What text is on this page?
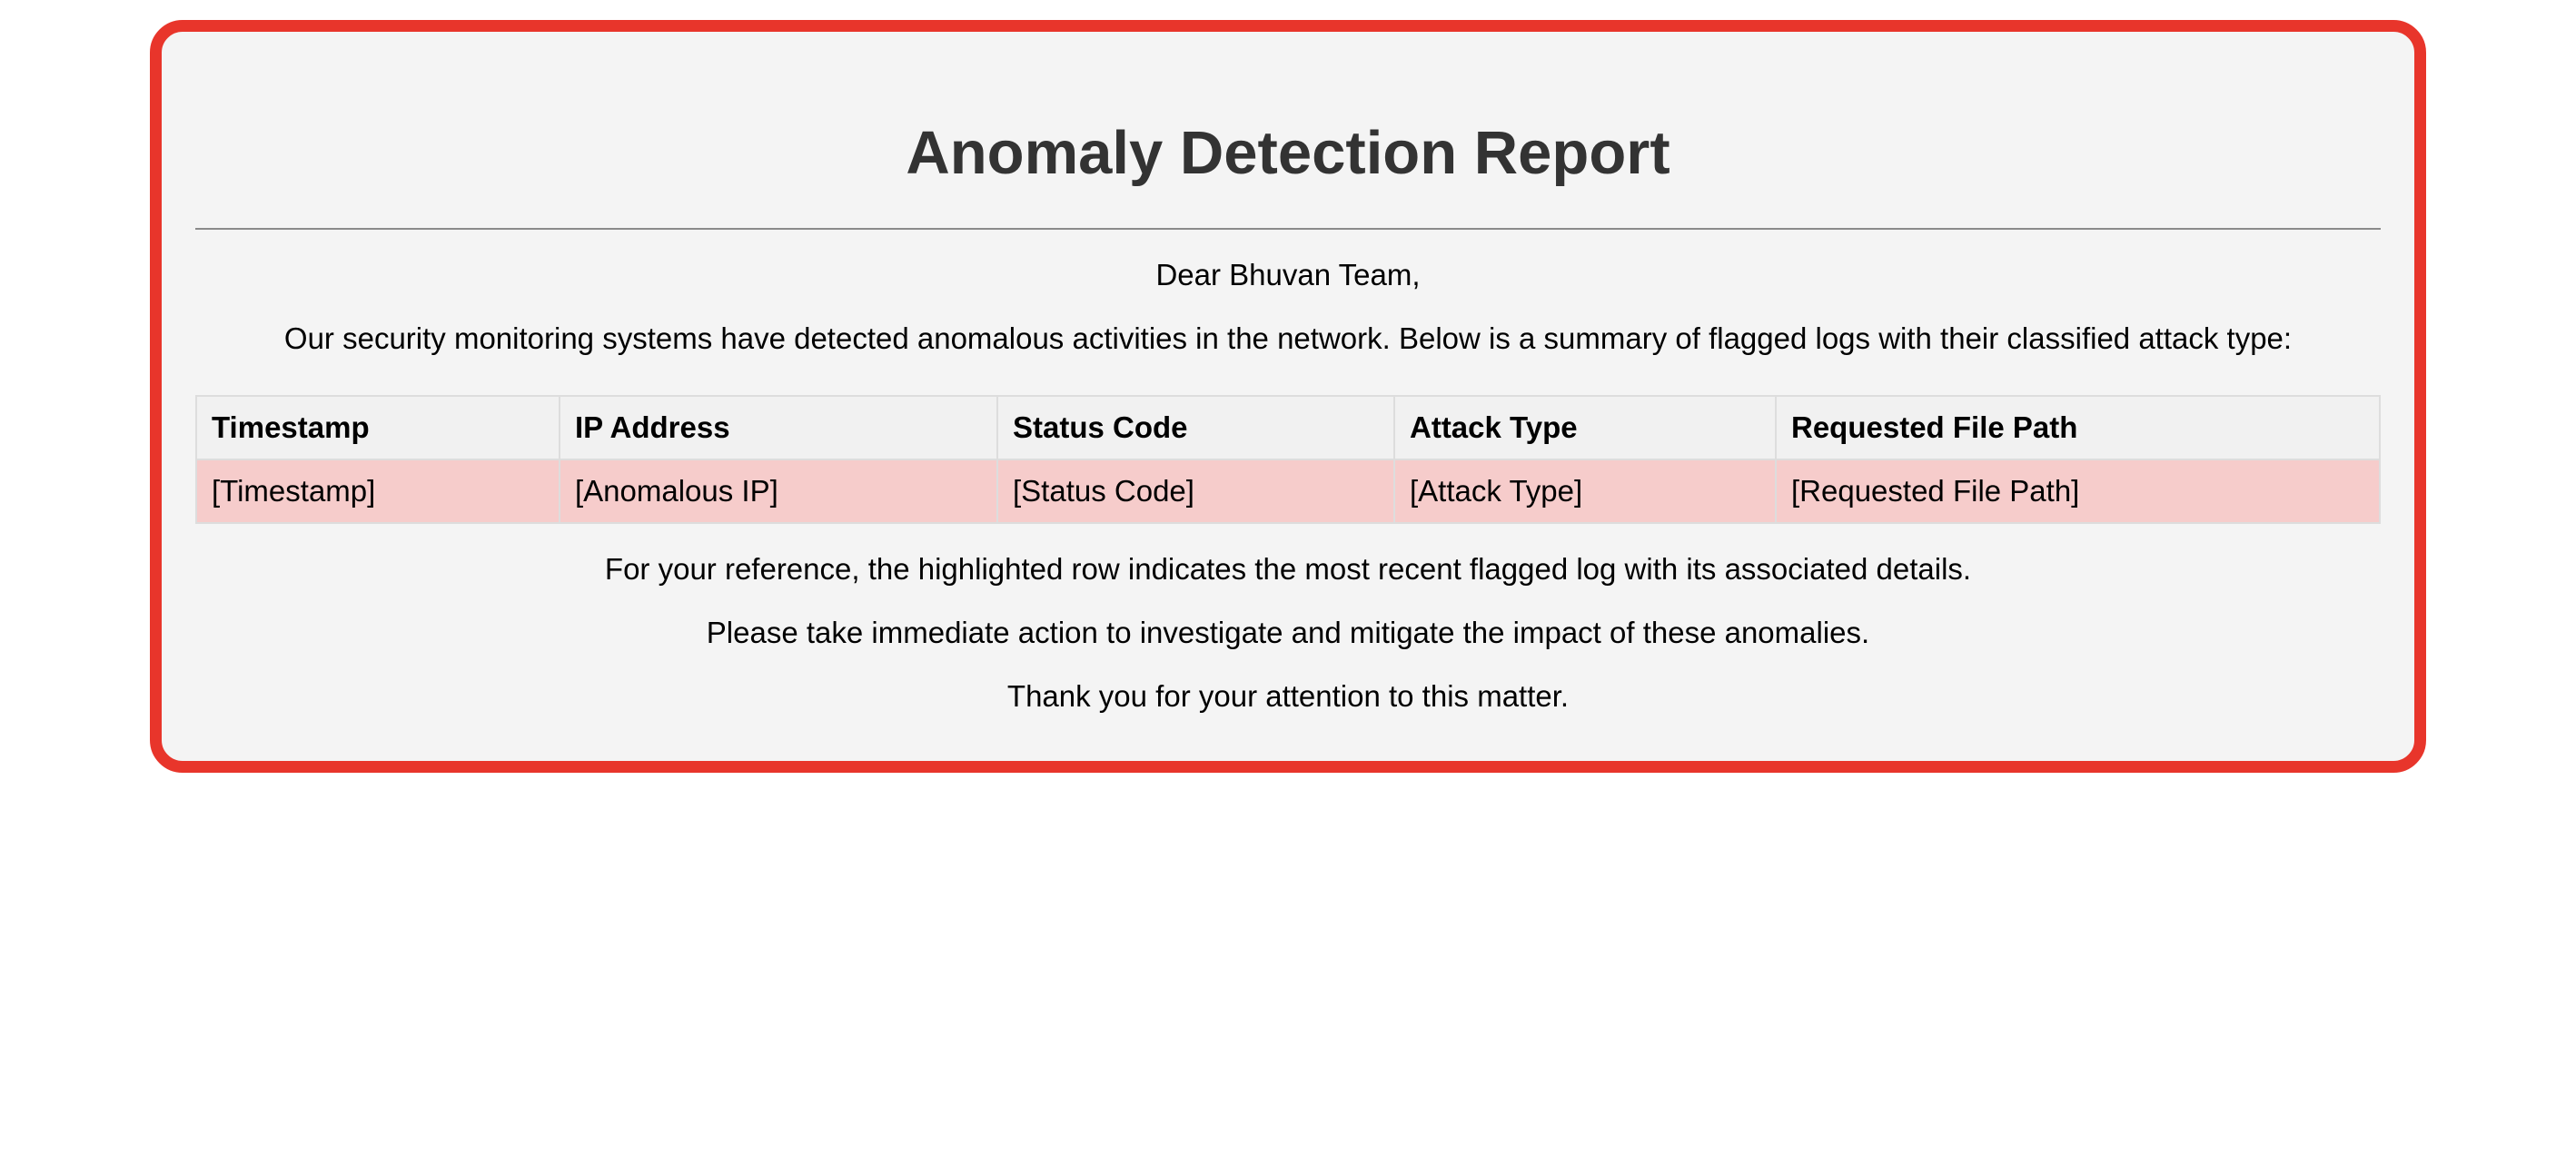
Anomaly Detection Report

Dear Bhuvan Team,

Our security monitoring systems have detected anomalous activities in the network. Below is a summary of flagged logs with their classified attack type:

Timestamp	IP Address	Status Code	Attack Type	Requested File Path
[Timestamp]	[Anomalous IP]	[Status Code]	[Attack Type]	[Requested File Path]

For your reference, the highlighted row indicates the most recent flagged log with its associated details.

Please take immediate action to investigate and mitigate the impact of these anomalies.

Thank you for your attention to this matter.
